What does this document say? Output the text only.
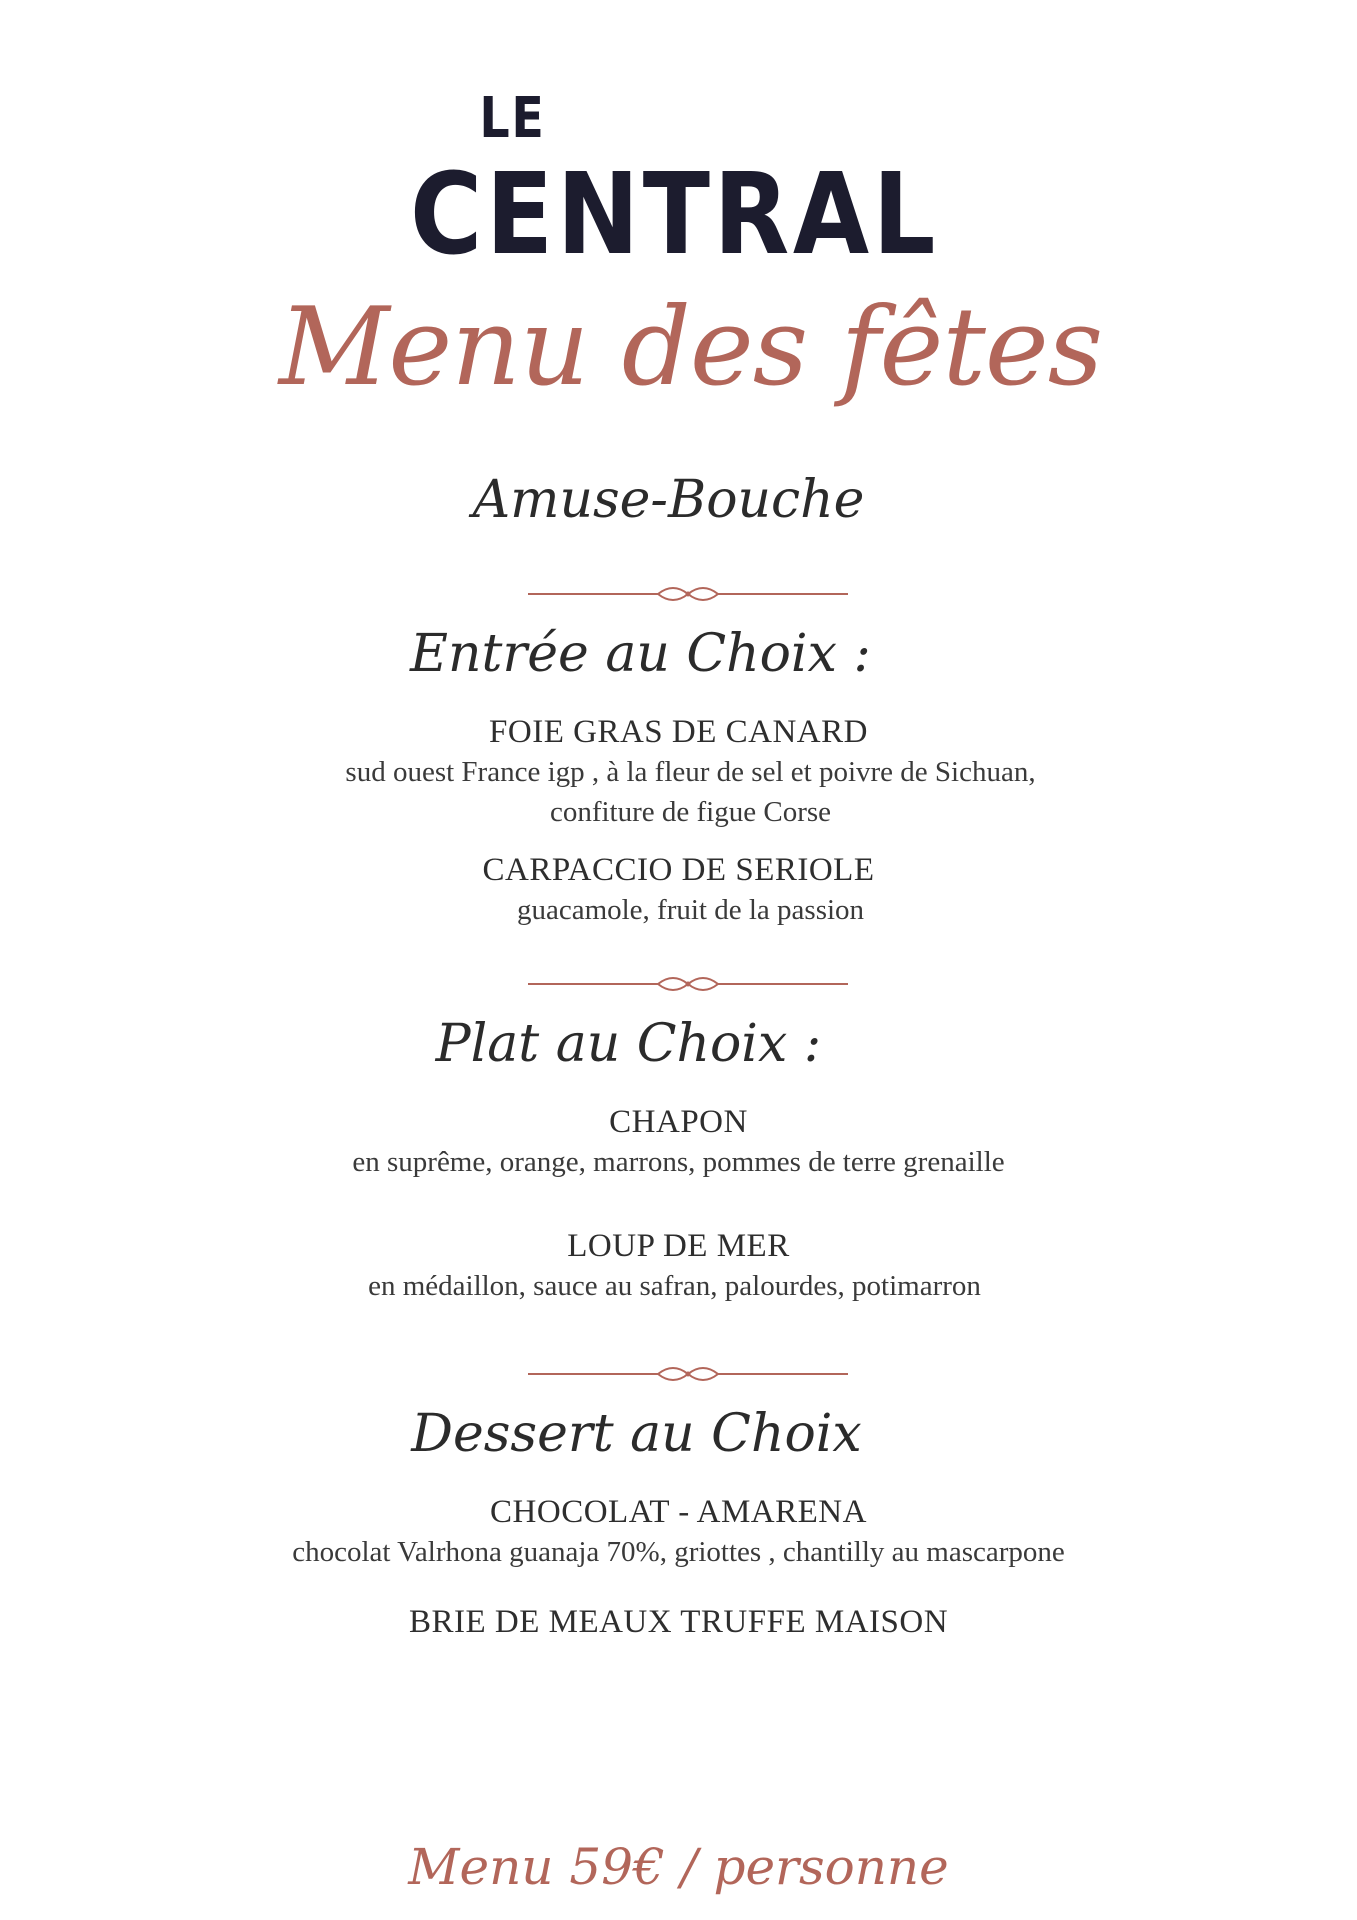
LE
CENTRAL
Menu des fêtes
Amuse-Bouche
Entrée au Choix :
FOIE GRAS DE CANARD
sud ouest France igp , à la fleur de sel et poivre de Sichuan,
confiture de figue Corse
CARPACCIO DE SERIOLE
guacamole, fruit de la passion
Plat au Choix :
CHAPON
en suprême, orange, marrons, pommes de terre grenaille
LOUP DE MER
en médaillon, sauce au safran, palourdes, potimarron
Dessert au Choix
CHOCOLAT - AMARENA
chocolat Valrhona guanaja 70%, griottes , chantilly au mascarpone
BRIE DE MEAUX TRUFFE MAISON
Menu 59€ / personne
